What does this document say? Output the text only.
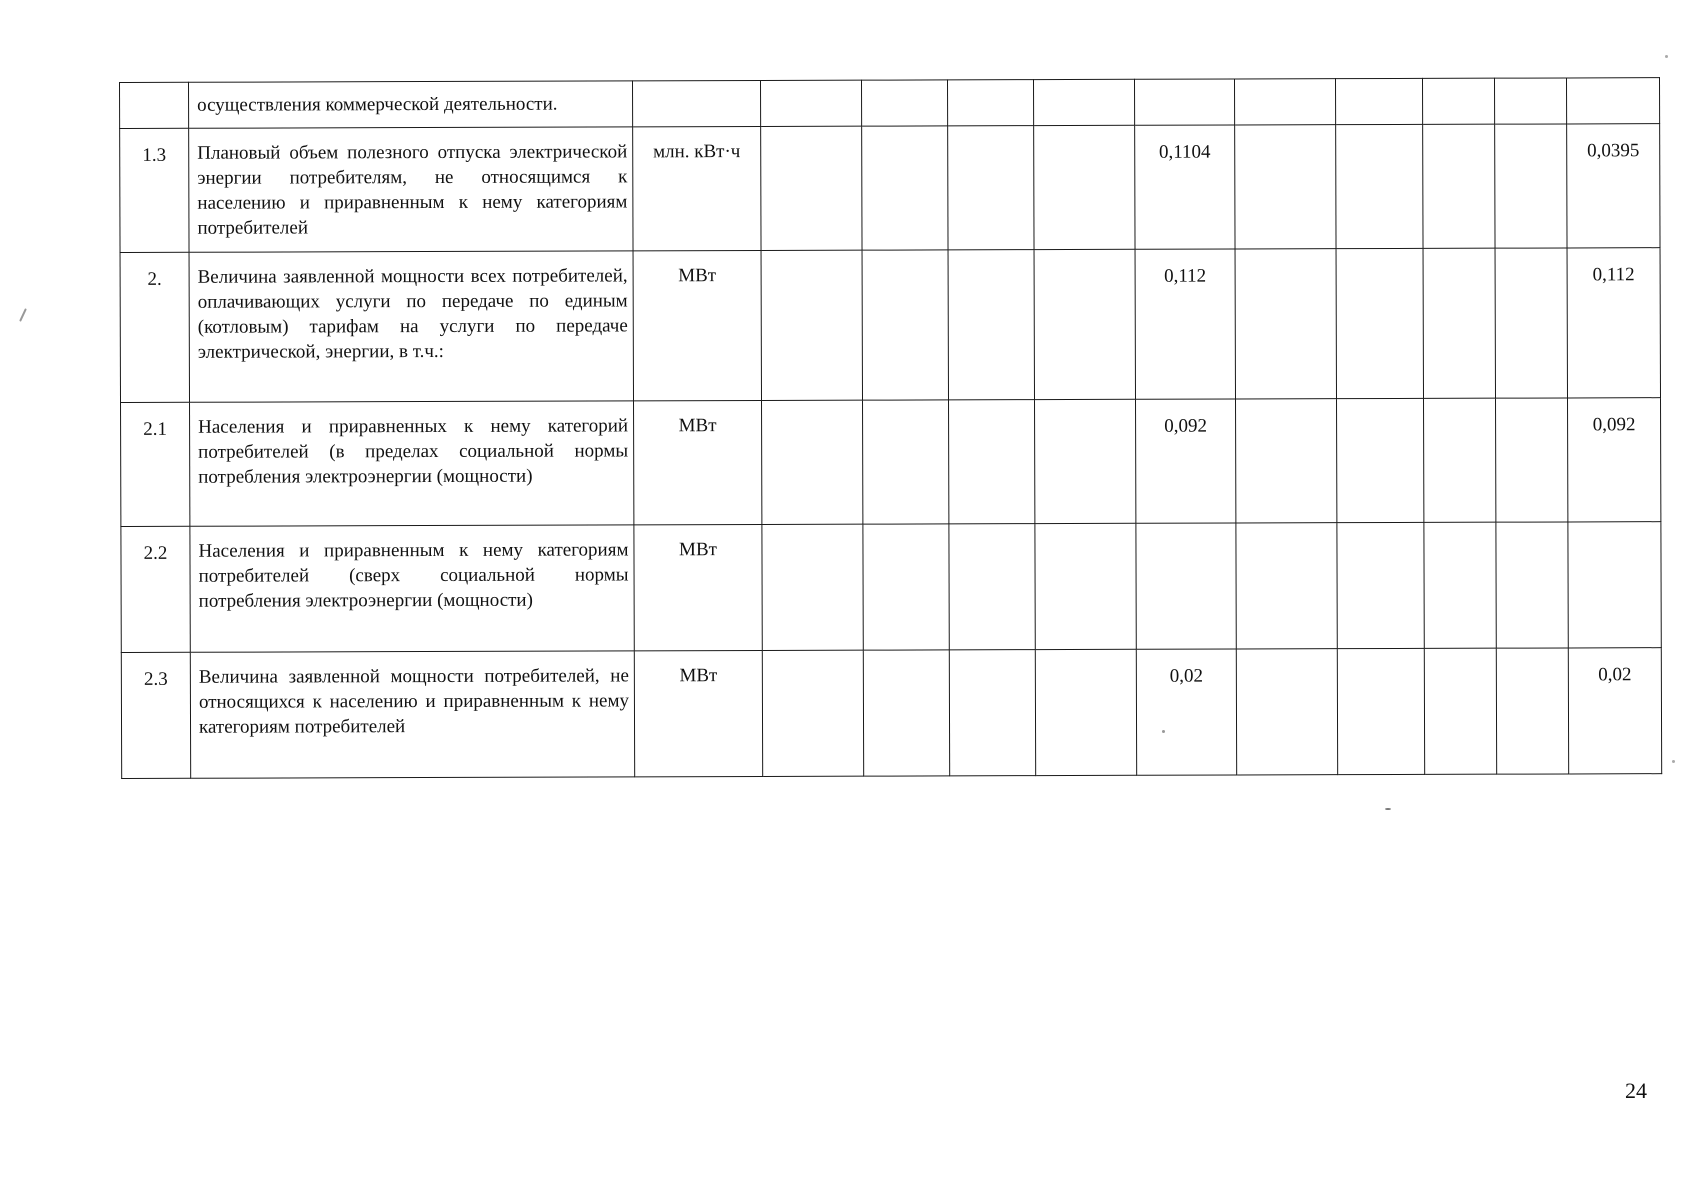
	осуществления коммерческой деятельности.											
1.3	Плановый объем полезного отпуска электрической энергии потребителям, не относящимся к населению и приравненным к нему категориям потребителей	млн. кВт·ч					0,1104					0,0395
2.	Величина заявленной мощности всех потребителей, оплачивающих услуги по передаче по единым (котловым) тарифам на услуги по передаче электрической, энергии, в т.ч.:	МВт					0,112					0,112
2.1	Населения и приравненных к нему категорий потребителей (в пределах социальной нормы потребления электроэнергии (мощности)	МВт					0,092					0,092
2.2	Населения и приравненным к нему категориям потребителей (сверх социальной нормы потребления электроэнергии (мощности)	МВт										
2.3	Величина заявленной мощности потребителей, не относящихся к населению и приравненным к нему категориям потребителей	МВт					0,02					0,02
24
